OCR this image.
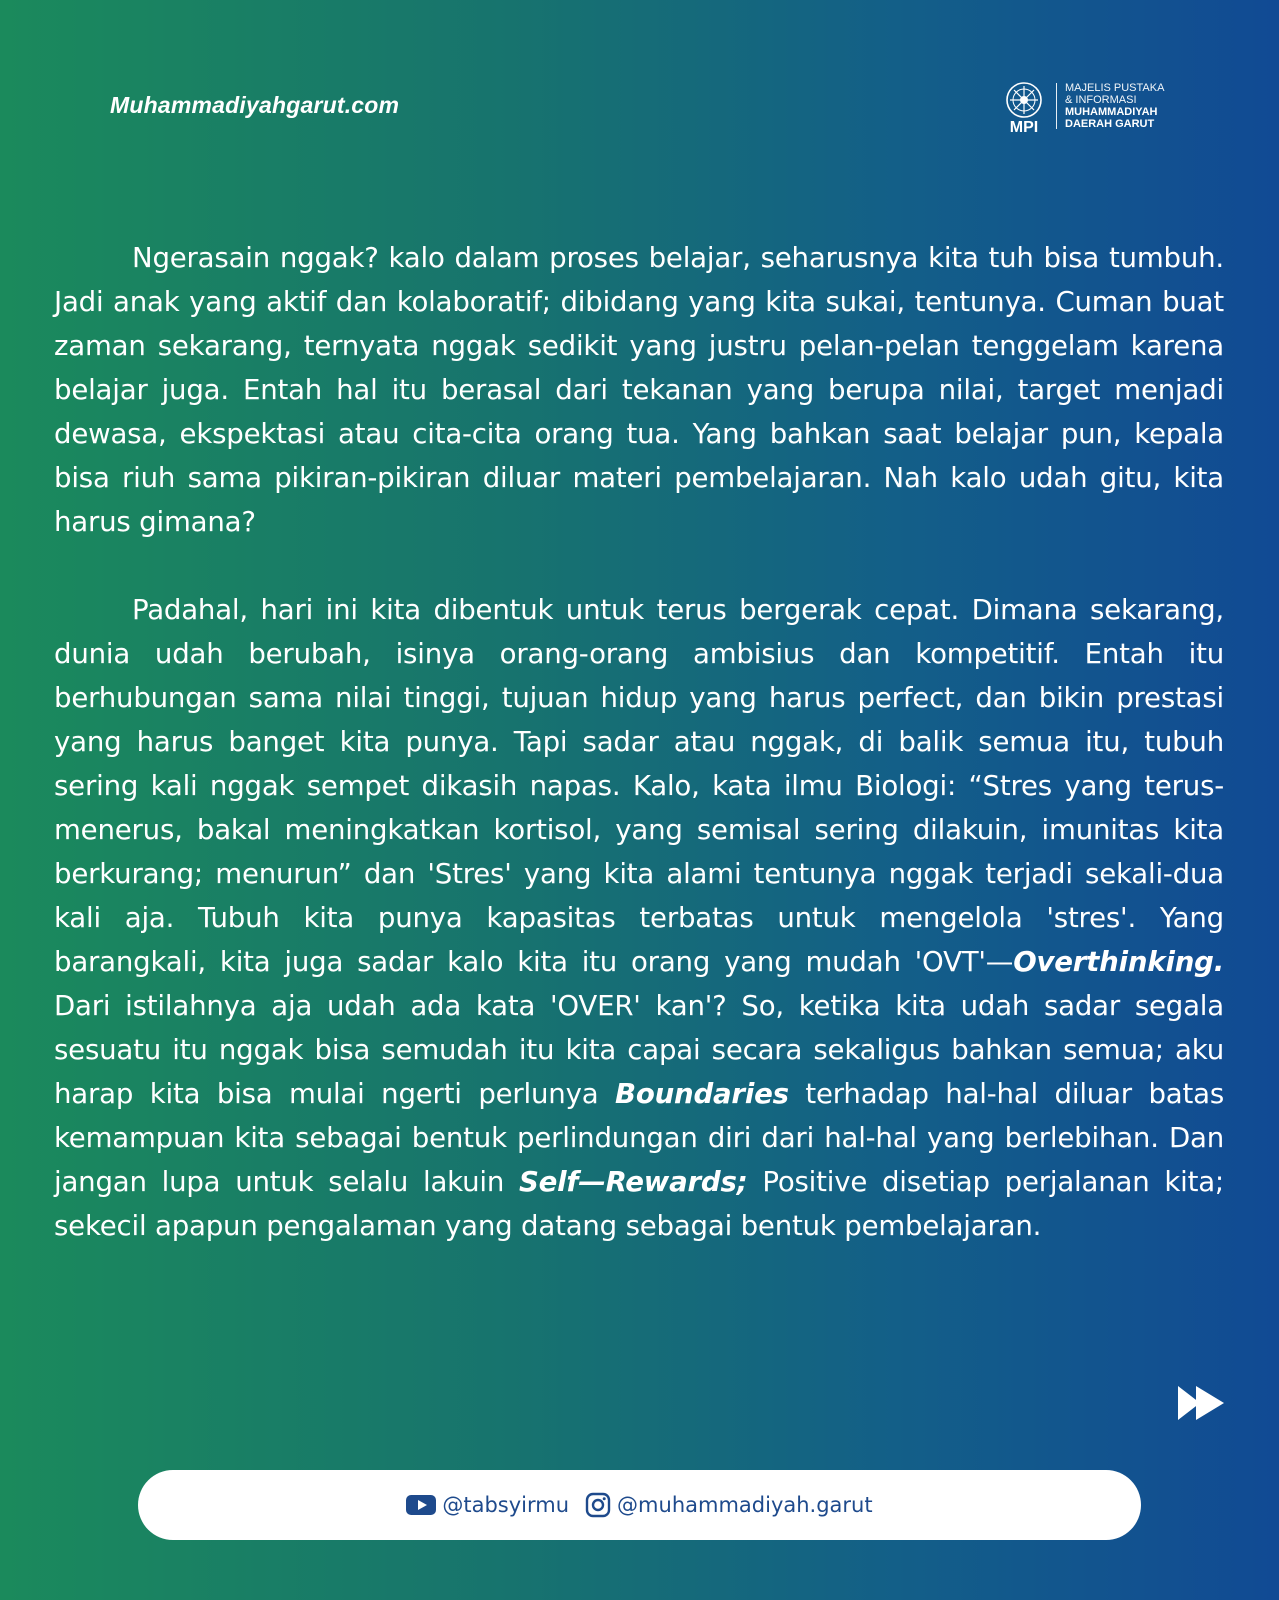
Muhammadiyahgarut.com
MPI
MAJELIS PUSTAKA
& INFORMASI
MUHAMMADIYAH
DAERAH GARUT

Ngerasain nggak? kalo dalam proses belajar, seharusnya kita tuh bisa tumbuh. Jadi anak yang aktif dan kolaboratif; dibidang yang kita sukai, tentunya. Cuman buat zaman sekarang, ternyata nggak sedikit yang justru pelan-pelan tenggelam karena belajar juga. Entah hal itu berasal dari tekanan yang berupa nilai, target menjadi dewasa, ekspektasi atau cita-cita orang tua. Yang bahkan saat belajar pun, kepala bisa riuh sama pikiran-pikiran diluar materi pembelajaran. Nah kalo udah gitu, kita harus gimana?

Padahal, hari ini kita dibentuk untuk terus bergerak cepat. Dimana sekarang, dunia udah berubah, isinya orang-orang ambisius dan kompetitif. Entah itu berhubungan sama nilai tinggi, tujuan hidup yang harus perfect, dan bikin prestasi yang harus banget kita punya. Tapi sadar atau nggak, di balik semua itu, tubuh sering kali nggak sempet dikasih napas. Kalo, kata ilmu Biologi: “Stres yang terus-menerus, bakal meningkatkan kortisol, yang semisal sering dilakuin, imunitas kita berkurang; menurun” dan 'Stres' yang kita alami tentunya nggak terjadi sekali-dua kali aja. Tubuh kita punya kapasitas terbatas untuk mengelola 'stres'. Yang barangkali, kita juga sadar kalo kita itu orang yang mudah 'OVT'—Overthinking. Dari istilahnya aja udah ada kata 'OVER' kan'? So, ketika kita udah sadar segala sesuatu itu nggak bisa semudah itu kita capai secara sekaligus bahkan semua; aku harap kita bisa mulai ngerti perlunya Boundaries terhadap hal-hal diluar batas kemampuan kita sebagai bentuk perlindungan diri dari hal-hal yang berlebihan. Dan jangan lupa untuk selalu lakuin Self—Rewards; Positive disetiap perjalanan kita; sekecil apapun pengalaman yang datang sebagai bentuk pembelajaran.

@tabsyirmu @muhammadiyah.garut
